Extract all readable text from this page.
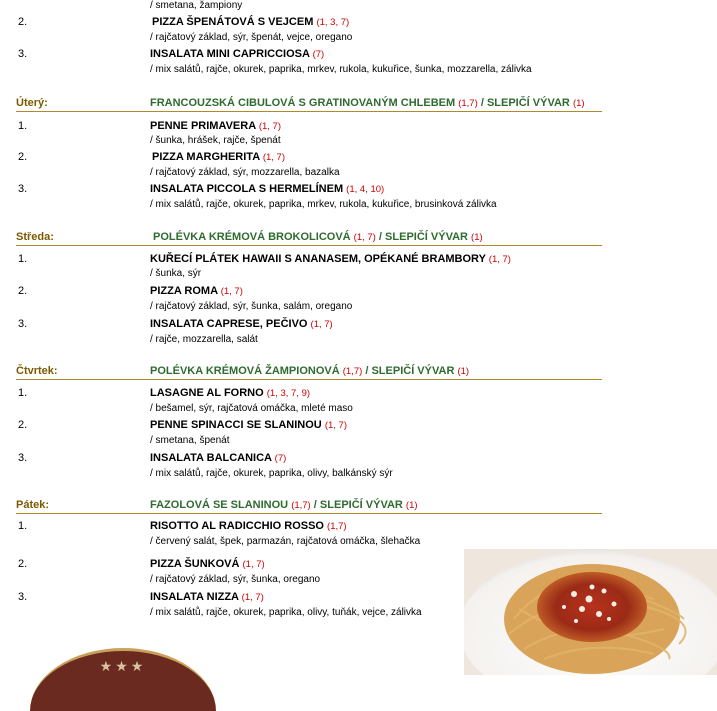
/ smetana, žampiony
2.	PIZZA ŠPENÁTOVÁ S VEJCEM (1, 3, 7)
/ rajčatový základ, sýr, špenát, vejce, oregano
3.	INSALATA MINI CAPRICCIOSA (7)
/ mix salátů, rajče, okurek, paprika, mrkev, rukola, kukuřice, šunka, mozzarella, zálivka
Úterý:	FRANCOUZSKÁ CIBULOVÁ S GRATINOVANÝM CHLEBEM (1,7) / SLEPIČÍ VÝVAR (1)
1.	PENNE PRIMAVERA (1, 7)
/ šunka, hrášek, rajče, špenát
2.	PIZZA MARGHERITA (1, 7)
/ rajčatový základ, sýr, mozzarella, bazalka
3.	INSALATA PICCOLA S HERMELÍNEM (1, 4, 10)
/ mix salátů, rajče, okurek, paprika, mrkev, rukola, kukuřice, brusinková zálivka
Středa:	POLÉVKA KRÉMOVÁ BROKOLICOVÁ (1, 7) / SLEPIČÍ VÝVAR (1)
1.	KUŘECÍ PLÁTEK HAWAII S ANANASEM, OPÉKANÉ BRAMBORY (1, 7)
/ šunka, sýr
2.	PIZZA ROMA (1, 7)
/ rajčatový základ, sýr, šunka, salám, oregano
3.	INSALATA CAPRESE, PEČIVO (1, 7)
/ rajče, mozzarella, salát
Čtvrtek:	POLÉVKA KRÉMOVÁ ŽAMPIONOVÁ (1,7) / SLEPIČÍ VÝVAR (1)
1.	LASAGNE AL FORNO (1, 3, 7, 9)
/ bešamel, sýr, rajčatová omáčka, mleté maso
2.	PENNE SPINACCI SE SLANINOU (1, 7)
/ smetana, špenát
3.	INSALATA BALCANICA (7)
/ mix salátů, rajče, okurek, paprika, olivy, balkánský sýr
Pátek:	FAZOLOVÁ SE SLANINOU (1,7) / SLEPIČÍ VÝVAR (1)
1.	RISOTTO AL RADICCHIO ROSSO (1,7)
/ červený salát, špek, parmazán, rajčatová omáčka, šlehačka
2.	PIZZA ŠUNKOVÁ (1, 7)
/ rajčatový základ, sýr, šunka, oregano
3.	INSALATA NIZZA (1, 7)
/ mix salátů, rajče, okurek, paprika, olivy, tuňák, vejce, zálivka
★★★
